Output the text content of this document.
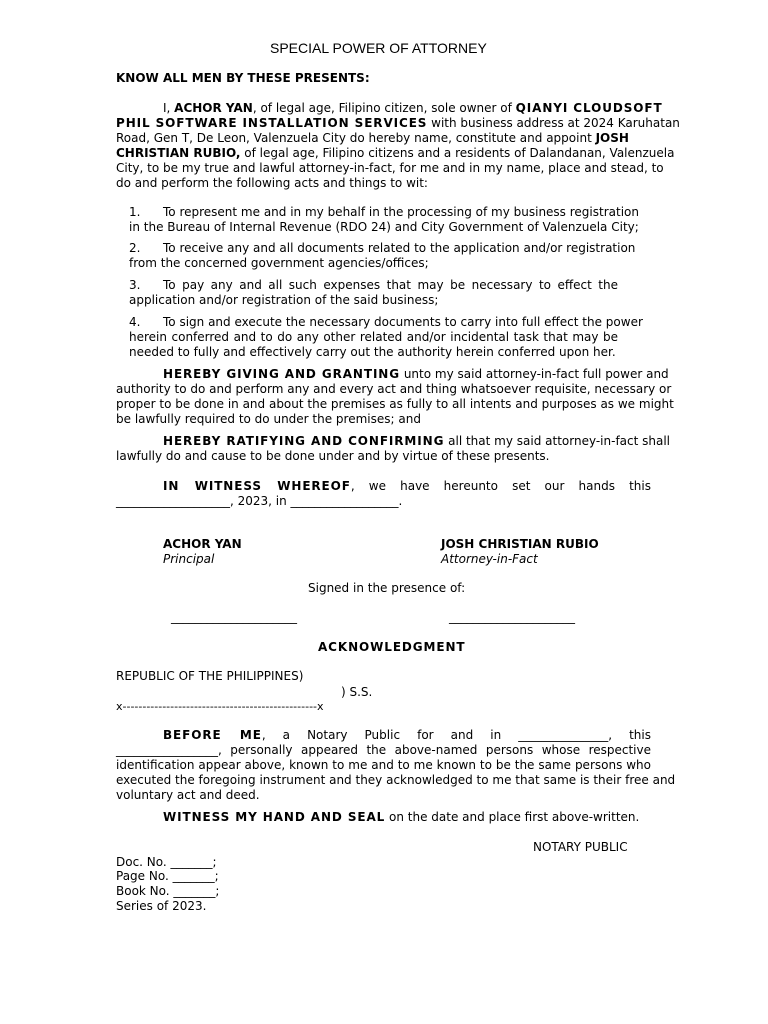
SPECIAL POWER OF ATTORNEY
KNOW ALL MEN BY THESE PRESENTS:
I, ACHOR YAN, of legal age, Filipino citizen, sole owner of QIANYI CLOUDSOFT
PHIL SOFTWARE INSTALLATION SERVICES with business address at 2024 Karuhatan
Road, Gen T, De Leon, Valenzuela City do hereby name, constitute and appoint JOSH
CHRISTIAN RUBIO, of legal age, Filipino citizens and a residents of Dalandanan, Valenzuela
City, to be my true and lawful attorney-in-fact, for me and in my name, place and stead, to
do and perform the following acts and things to wit:
1. To represent me and in my behalf in the processing of my business registration
in the Bureau of Internal Revenue (RDO 24) and City Government of Valenzuela City;
2. To receive any and all documents related to the application and/or registration
from the concerned government agencies/offices;
3. To pay any and all such expenses that may be necessary to effect the
application and/or registration of the said business;
4. To sign and execute the necessary documents to carry into full effect the power
herein conferred and to do any other related and/or incidental task that may be
needed to fully and effectively carry out the authority herein conferred upon her.
HEREBY GIVING AND GRANTING unto my said attorney-in-fact full power and
authority to do and perform any and every act and thing whatsoever requisite, necessary or
proper to be done in and about the premises as fully to all intents and purposes as we might
be lawfully required to do under the premises; and
HEREBY RATIFYING AND CONFIRMING all that my said attorney-in-fact shall
lawfully do and cause to be done under and by virtue of these presents.
IN WITNESS WHEREOF, we have hereunto set our hands this
___________________, 2023, in __________________.
ACHOR YAN
Principal
JOSH CHRISTIAN RUBIO
Attorney-in-Fact
Signed in the presence of:
_____________________	_____________________
ACKNOWLEDGMENT
REPUBLIC OF THE PHILIPPINES)
) S.S.
x-------------------------------------------------x
BEFORE ME, a Notary Public for and in _______________, this
_________________, personally appeared the above-named persons whose respective
identification appear above, known to me and to me known to be the same persons who
executed the foregoing instrument and they acknowledged to me that same is their free and
voluntary act and deed.
WITNESS MY HAND AND SEAL on the date and place first above-written.
NOTARY PUBLIC
Doc. No. _______;
Page No. _______;
Book No. _______;
Series of 2023.
